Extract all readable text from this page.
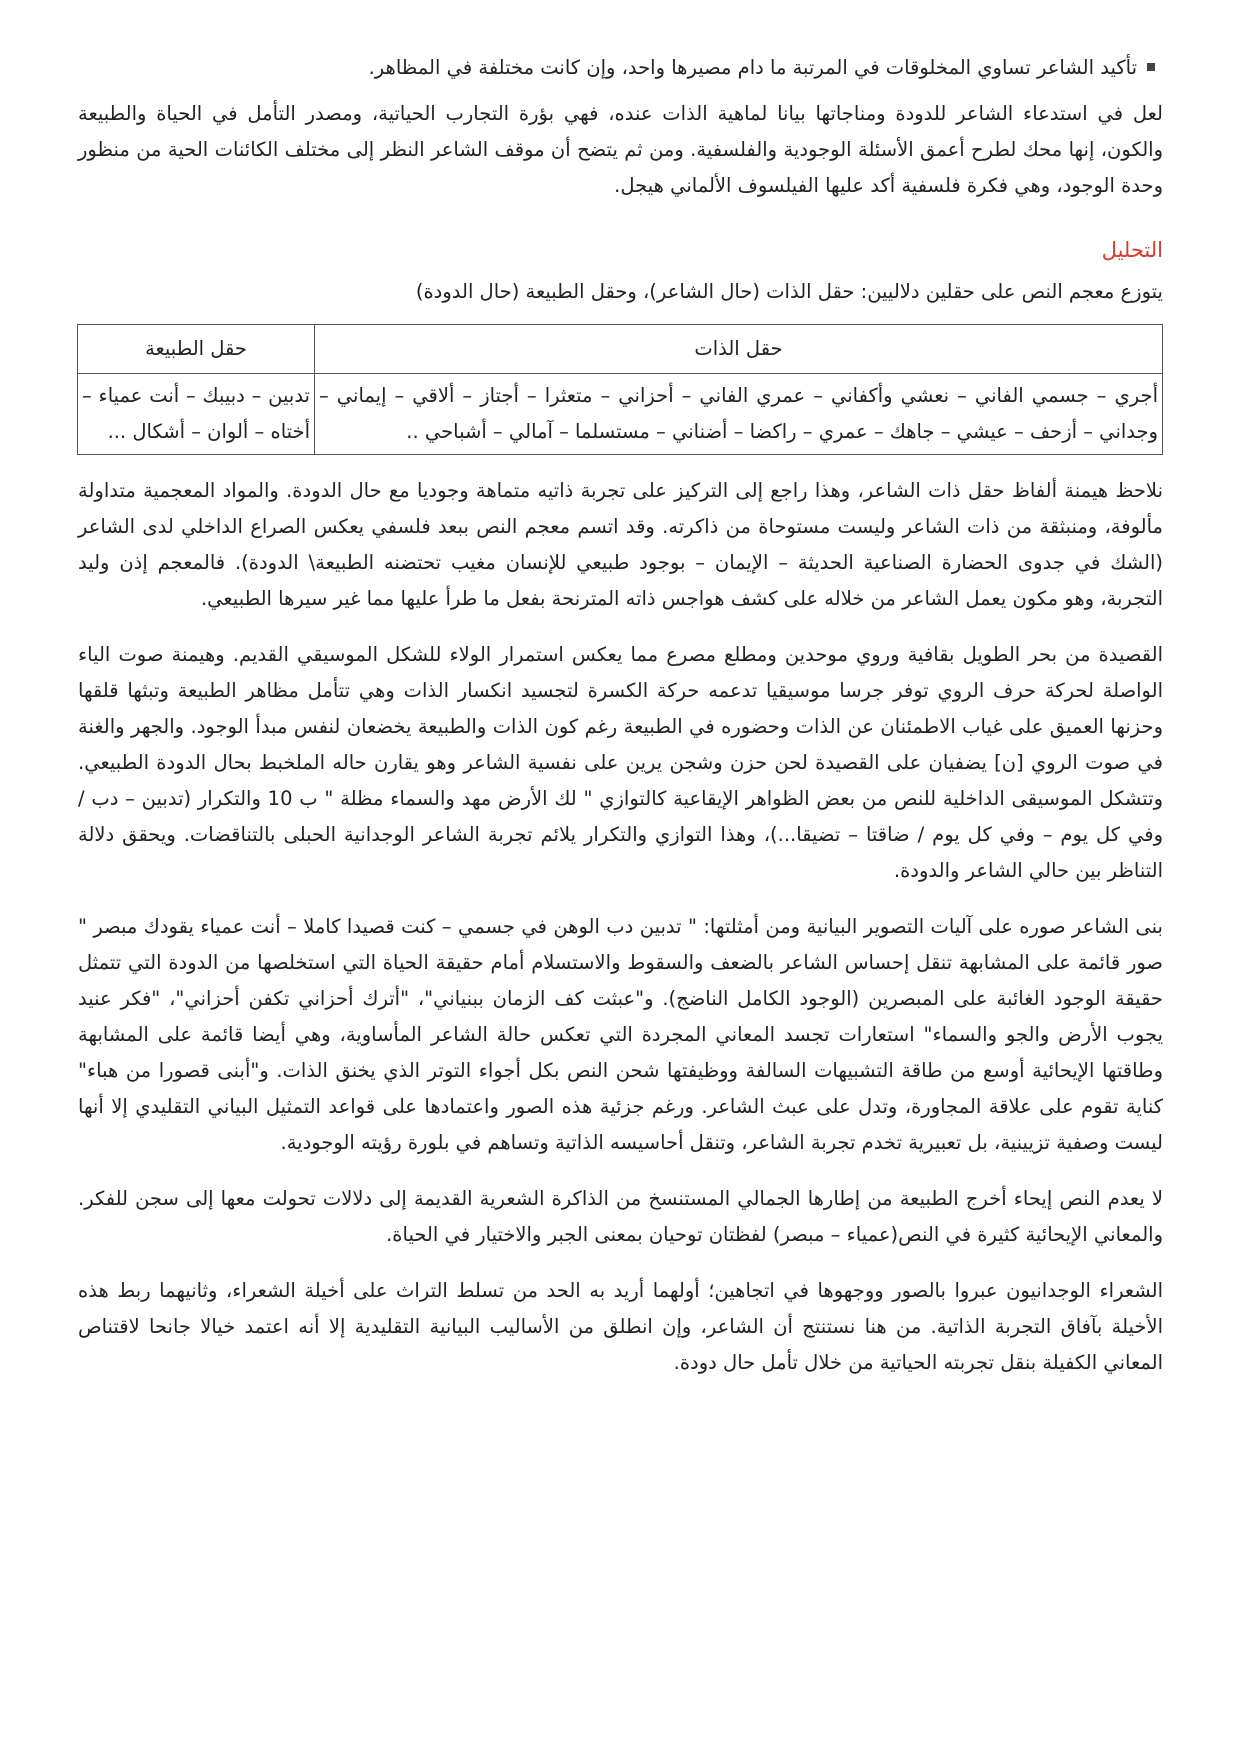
تأكيد الشاعر تساوي المخلوقات في المرتبة ما دام مصيرها واحد، وإن كانت مختلفة في المظاهر.

لعل في استدعاء الشاعر للدودة ومناجاتها بيانا لماهية الذات عنده، فهي بؤرة التجارب الحياتية، ومصدر التأمل في الحياة والطبيعة والكون، إنها محك لطرح أعمق الأسئلة الوجودية والفلسفية. ومن ثم يتضح أن موقف الشاعر النظر إلى مختلف الكائنات الحية من منظور وحدة الوجود، وهي فكرة فلسفية أكد عليها الفيلسوف الألماني هيجل.

التحليل

يتوزع معجم النص على حقلين دلاليين: حقل الذات (حال الشاعر)، وحقل الطبيعة (حال الدودة)

حقل الذات	حقل الطبيعة
أجري – جسمي الفاني – نعشي وأكفاني – عمري الفاني – أحزاني – متعثرا – أجتاز – ألاقي – إيماني – وجداني – أزحف – عيشي – جاهك – عمري – راكضا – أضناني – مستسلما – آمالي – أشباحي ..	تدبين – دبيبك – أنت عمياء – أختاه – ألوان – أشكال ...

نلاحظ هيمنة ألفاظ حقل ذات الشاعر، وهذا راجع إلى التركيز على تجربة ذاتيه متماهة وجوديا مع حال الدودة. والمواد المعجمية متداولة مألوفة، ومنبثقة من ذات الشاعر وليست مستوحاة من ذاكرته. وقد اتسم معجم النص ببعد فلسفي يعكس الصراع الداخلي لدى الشاعر (الشك في جدوى الحضارة الصناعية الحديثة – الإيمان – بوجود طبيعي للإنسان مغيب تحتضنه الطبيعة\ الدودة). فالمعجم إذن وليد التجربة، وهو مكون يعمل الشاعر من خلاله على كشف هواجس ذاته المترنحة بفعل ما طرأ عليها مما غير سيرها الطبيعي.

القصيدة من بحر الطويل بقافية وروي موحدين ومطلع مصرع مما يعكس استمرار الولاء للشكل الموسيقي القديم. وهيمنة صوت الياء الواصلة لحركة حرف الروي توفر جرسا موسيقيا تدعمه حركة الكسرة لتجسيد انكسار الذات وهي تتأمل مظاهر الطبيعة وتبثها قلقها وحزنها العميق على غياب الاطمئنان عن الذات وحضوره في الطبيعة رغم كون الذات والطبيعة يخضعان لنفس مبدأ الوجود. والجهر والغنة في صوت الروي [ن] يضفيان على القصيدة لحن حزن وشجن يرين على نفسية الشاعر وهو يقارن حاله الملخبط بحال الدودة الطبيعي. وتتشكل الموسيقى الداخلية للنص من بعض الظواهر الإيقاعية كالتوازي " لك الأرض مهد والسماء مظلة " ب 10 والتكرار (تدبين – دب / وفي كل يوم – وفي كل يوم / ضاقتا – تضيقا...)، وهذا التوازي والتكرار يلائم تجربة الشاعر الوجدانية الحبلى بالتناقضات. ويحقق دلالة التناظر بين حالي الشاعر والدودة.

بنى الشاعر صوره على آليات التصوير البيانية ومن أمثلتها: " تدبين دب الوهن في جسمي – كنت قصيدا كاملا – أنت عمياء يقودك مبصر " صور قائمة على المشابهة تنقل إحساس الشاعر بالضعف والسقوط والاستسلام أمام حقيقة الحياة التي استخلصها من الدودة التي تتمثل حقيقة الوجود الغائبة على المبصرين (الوجود الكامل الناضج). و"عبثت كف الزمان ببنياني"، "أترك أحزاني تكفن أحزاني"، "فكر عنيد يجوب الأرض والجو والسماء" استعارات تجسد المعاني المجردة التي تعكس حالة الشاعر المأساوية، وهي أيضا قائمة على المشابهة وطاقتها الإيحائية أوسع من طاقة التشبيهات السالفة ووظيفتها شحن النص بكل أجواء التوتر الذي يخنق الذات. و"أبنى قصورا من هباء" كناية تقوم على علاقة المجاورة، وتدل على عبث الشاعر. ورغم جزئية هذه الصور واعتمادها على قواعد التمثيل البياني التقليدي إلا أنها ليست وصفية تزيينية، بل تعبيرية تخدم تجربة الشاعر، وتنقل أحاسيسه الذاتية وتساهم في بلورة رؤيته الوجودية.

لا يعدم النص إيحاء أخرج الطبيعة من إطارها الجمالي المستنسخ من الذاكرة الشعرية القديمة إلى دلالات تحولت معها إلى سجن للفكر. والمعاني الإيحائية كثيرة في النص(عمياء – مبصر) لفظتان توحيان بمعنى الجبر والاختيار في الحياة.

الشعراء الوجدانيون عبروا بالصور ووجهوها في اتجاهين؛ أولهما أريد به الحد من تسلط التراث على أخيلة الشعراء، وثانيهما ربط هذه الأخيلة بآفاق التجربة الذاتية. من هنا نستنتج أن الشاعر، وإن انطلق من الأساليب البيانية التقليدية إلا أنه اعتمد خيالا جانحا لاقتناص المعاني الكفيلة بنقل تجربته الحياتية من خلال تأمل حال دودة.
